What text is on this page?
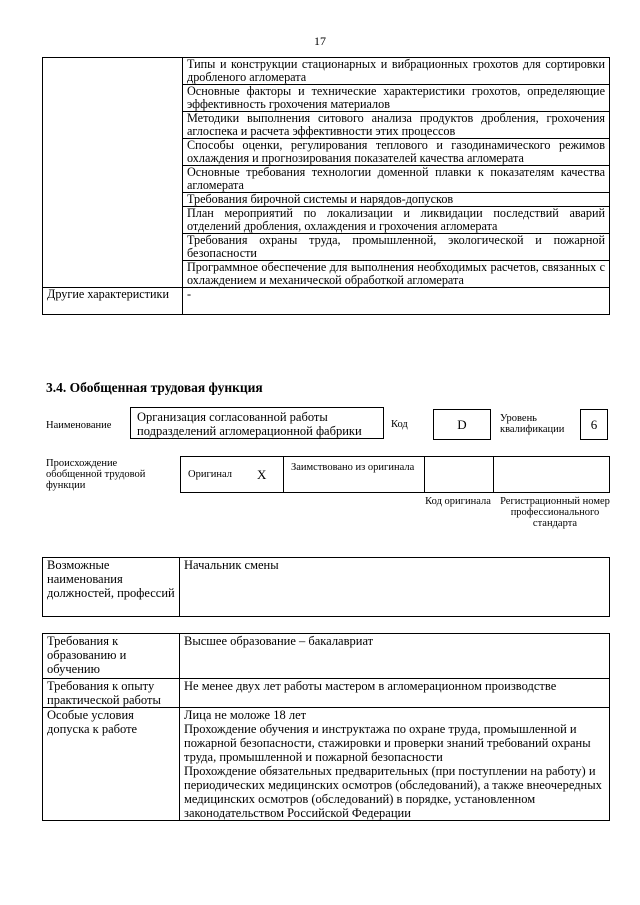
17
	Типы и конструкции стационарных и вибрационных грохотов для сортировки дробленого агломерата
	Основные факторы и технические характеристики грохотов, определяющие эффективность грохочения материалов
	Методики выполнения ситового анализа продуктов дробления, грохочения аглоспека и расчета эффективности этих процессов
	Способы оценки, регулирования теплового и газодинамического режимов охлаждения и прогнозирования показателей качества агломерата
	Основные требования технологии доменной плавки к показателям качества агломерата
	Требования бирочной системы и нарядов-допусков
	План мероприятий по локализации и ликвидации последствий аварий отделений дробления, охлаждения и грохочения агломерата
	Требования охраны труда, промышленной, экологической и пожарной безопасности
	Программное обеспечение для выполнения необходимых расчетов, связанных с охлаждением и механической обработкой агломерата
Другие характеристики	-
3.4. Обобщенная трудовая функция
Наименование
Организация согласованной работы подразделений агломерационной фабрики	Код	D	Уровень квалификации	6
Происхождение обобщенной трудовой функции
Оригинал X Заимствовано из оригинала
Код оригинала Регистрационный номер профессионального стандарта
Возможные наименования должностей, профессий	Начальник смены
Требования к образованию и обучению	Высшее образование – бакалавриат
Требования к опыту практической работы	Не менее двух лет работы мастером в агломерационном производстве
Особые условия допуска к работе	Лица не моложе 18 лет
Прохождение обучения и инструктажа по охране труда, промышленной и пожарной безопасности, стажировки и проверки знаний требований охраны труда, промышленной и пожарной безопасности
Прохождение обязательных предварительных (при поступлении на работу) и периодических медицинских осмотров (обследований), а также внеочередных медицинских осмотров (обследований) в порядке, установленном законодательством Российской Федерации
